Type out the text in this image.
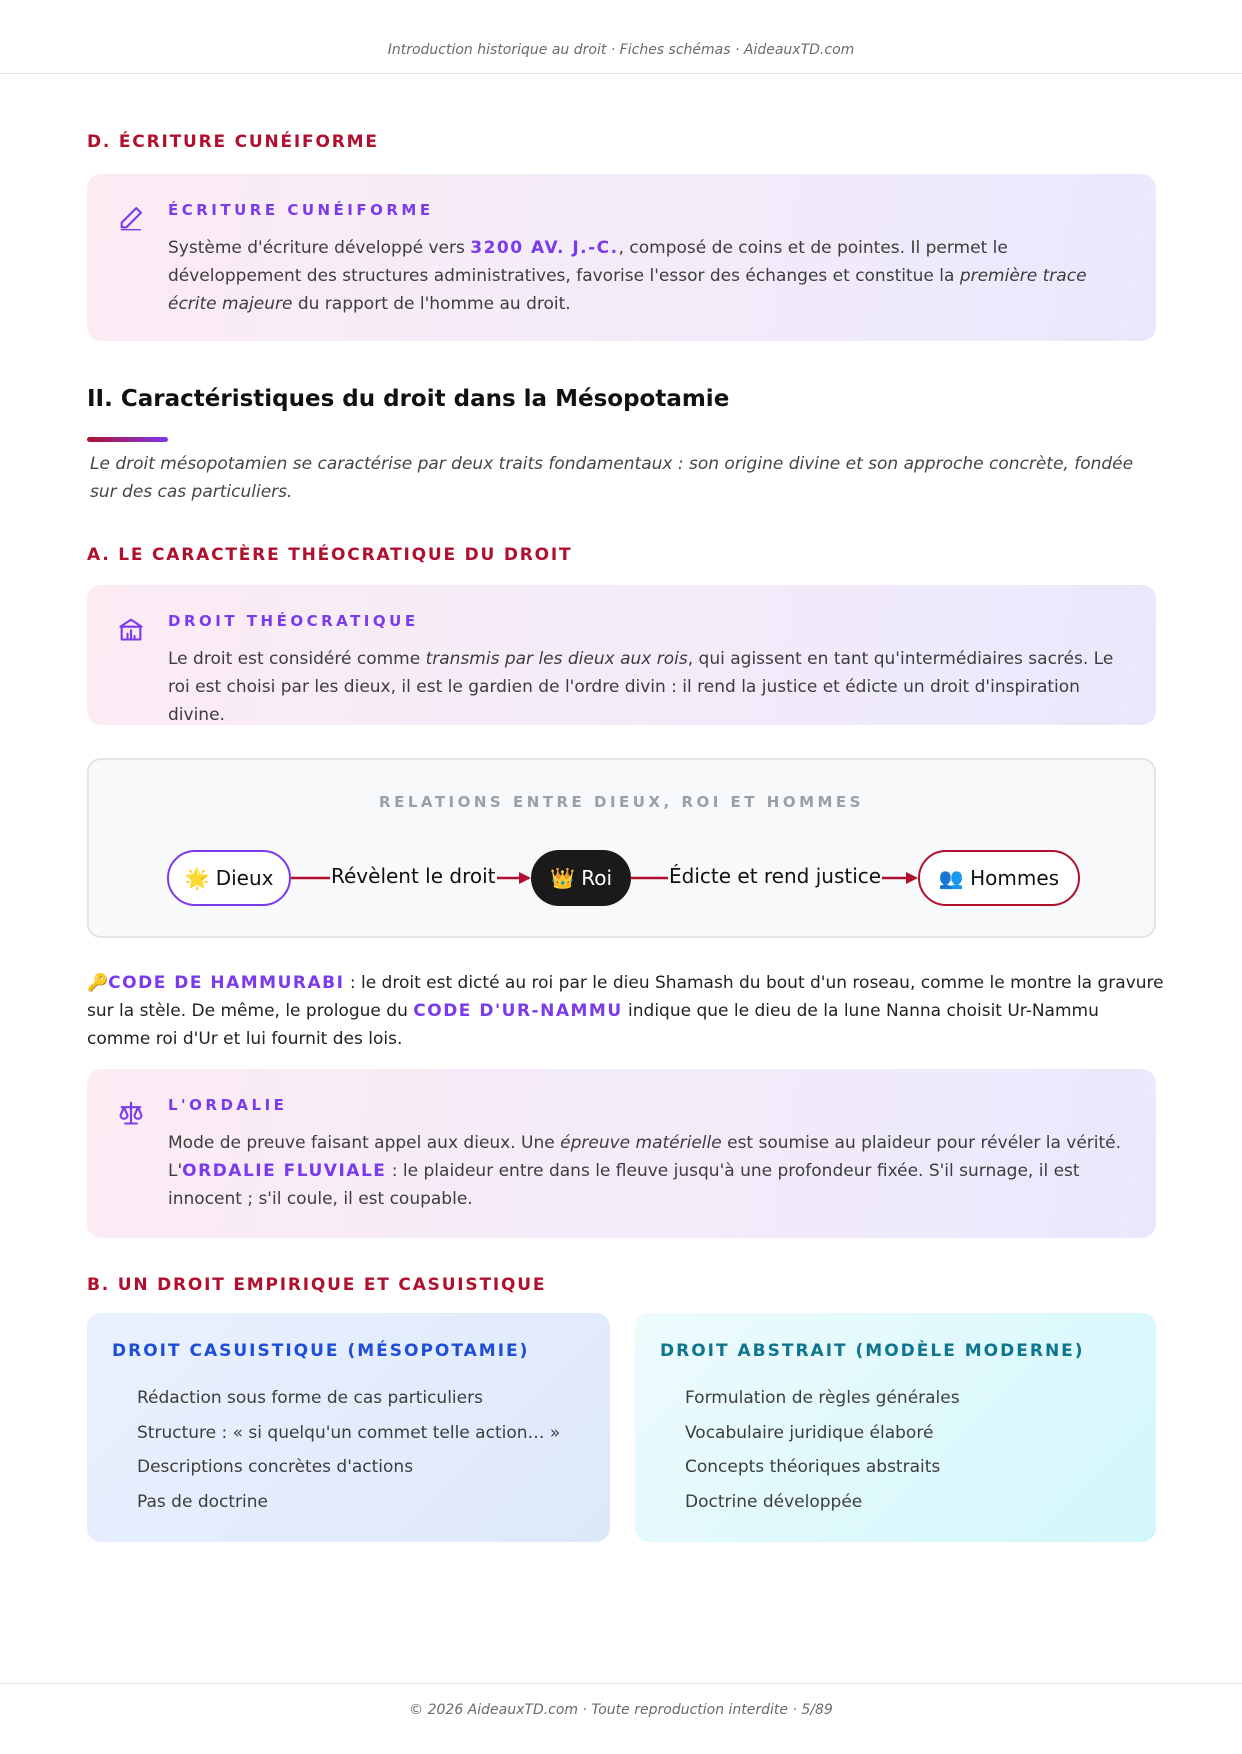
Introduction historique au droit · Fiches schémas · AideauxTD.com
D. ÉCRITURE CUNÉIFORME
ÉCRITURE CUNÉIFORME
Système d'écriture développé vers 3200 AV. J.-C., composé de coins et de pointes. Il permet le développement des structures administratives, favorise l'essor des échanges et constitue la première trace écrite majeure du rapport de l'homme au droit.
II. Caractéristiques du droit dans la Mésopotamie
Le droit mésopotamien se caractérise par deux traits fondamentaux : son origine divine et son approche concrète, fondée sur des cas particuliers.
A. LE CARACTÈRE THÉOCRATIQUE DU DROIT
DROIT THÉOCRATIQUE
Le droit est considéré comme transmis par les dieux aux rois, qui agissent en tant qu'intermédiaires sacrés. Le roi est choisi par les dieux, il est le gardien de l'ordre divin : il rend la justice et édicte un droit d'inspiration divine.
RELATIONS ENTRE DIEUX, ROI ET HOMMES
Révèlent le droit	Édicte et rend justice
🌟 Dieux	👑 Roi	👥 Hommes
🔑CODE DE HAMMURABI : le droit est dicté au roi par le dieu Shamash du bout d'un roseau, comme le montre la gravure sur la stèle. De même, le prologue du CODE D'UR-NAMMU indique que le dieu de la lune Nanna choisit Ur-Nammu comme roi d'Ur et lui fournit des lois.
L'ORDALIE
Mode de preuve faisant appel aux dieux. Une épreuve matérielle est soumise au plaideur pour révéler la vérité. L'ORDALIE FLUVIALE : le plaideur entre dans le fleuve jusqu'à une profondeur fixée. S'il surnage, il est innocent ; s'il coule, il est coupable.
B. UN DROIT EMPIRIQUE ET CASUISTIQUE
DROIT CASUISTIQUE (MÉSOPOTAMIE)
Rédaction sous forme de cas particuliers
Structure : « si quelqu'un commet telle action… »
Descriptions concrètes d'actions
Pas de doctrine
DROIT ABSTRAIT (MODÈLE MODERNE)
Formulation de règles générales
Vocabulaire juridique élaboré
Concepts théoriques abstraits
Doctrine développée
© 2026 AideauxTD.com · Toute reproduction interdite · 5/89
